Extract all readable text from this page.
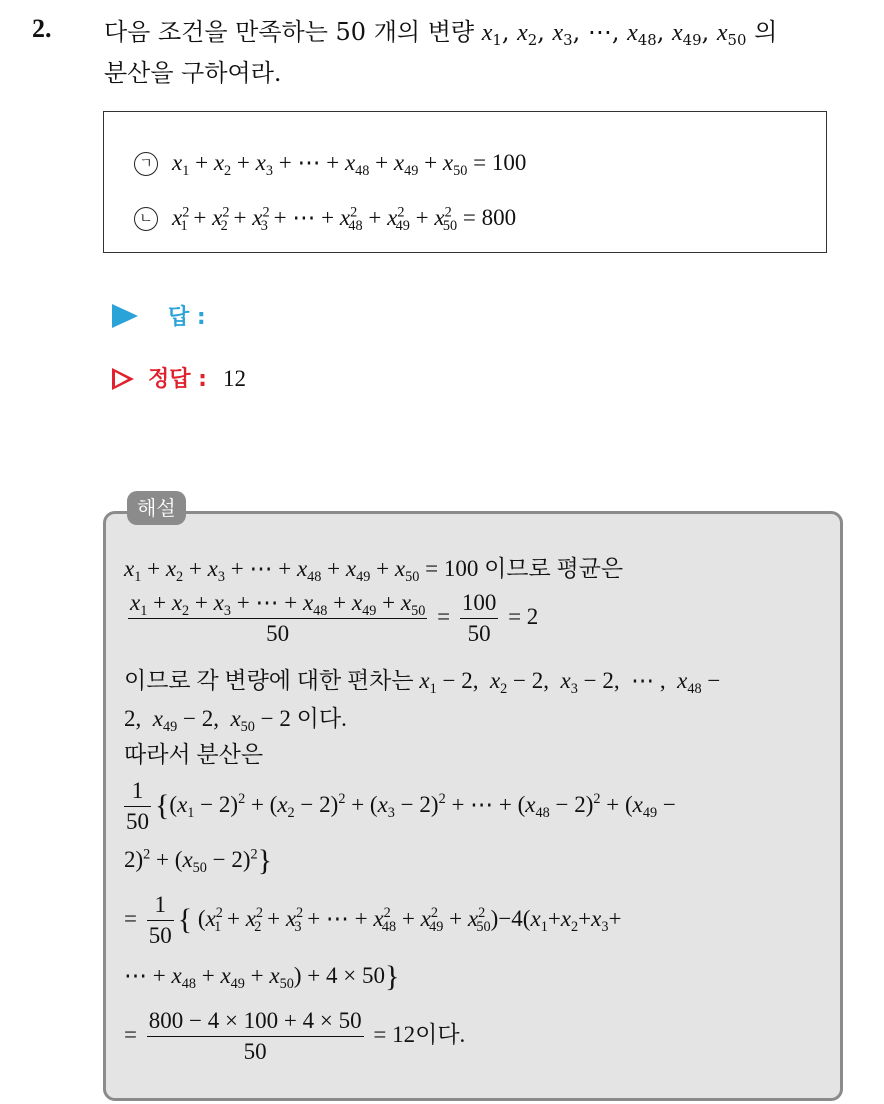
2. 다음 조건을 만족하는 50 개의 변량 $x_1$, $x_2$, $x_3$, ⋯, $x_{48}$, $x_{49}$, $x_{50}$ 의
분산을 구하여라.
ㄱ $x_1 + x_2 + x_3$ + ⋯ + $x_{48} + x_{49} + x_{50} = 100$
ㄴ $x^2_1 + x^2_2 + x^2_3$ + ⋯ + $x^2_{48} + x^2_{49} + x^2_{50} = 800$
답 :
정답 : 12
해설
$x_1 + x_2 + x_3$ + ⋯ + $x_{48} + x_{49} + x_{50} = 100$ 이므로 평균은
$\frac{x_1 + x_2 + x_3 + \cdots + x_{48} + x_{49} + x_{50}}{50} = \frac{100}{50} = 2$
이므로 각 변량에 대한 편차는 $x_1 - 2$,  $x_2 - 2$,  $x_3 - 2$,  ⋯ ,  $x_{48}$ −
2,  $x_{49} - 2$,  $x_{50} - 2$ 이다.
따라서 분산은
$\frac{1}{50} \{(x_1 - 2)^2 + (x_2 - 2)^2 + (x_3 - 2)^2$ + ⋯ + $(x_{48} - 2)^2 + (x_{49}$ −
$2)^2 + (x_{50} - 2)^2$}
= $\frac{1}{50}$ { ($x^2_1 + x^2_2 + x^2_3$ + ⋯ + $x^2_{48} + x^2_{49} + x^2_{50})-4(x_1+x_2+x_3+$
⋯ + $x_{48} + x_{49} + x_{50}) + 4 \times 50$}
= $\frac{800 - 4 \times 100 + 4 \times 50}{50} = 12$이다.
